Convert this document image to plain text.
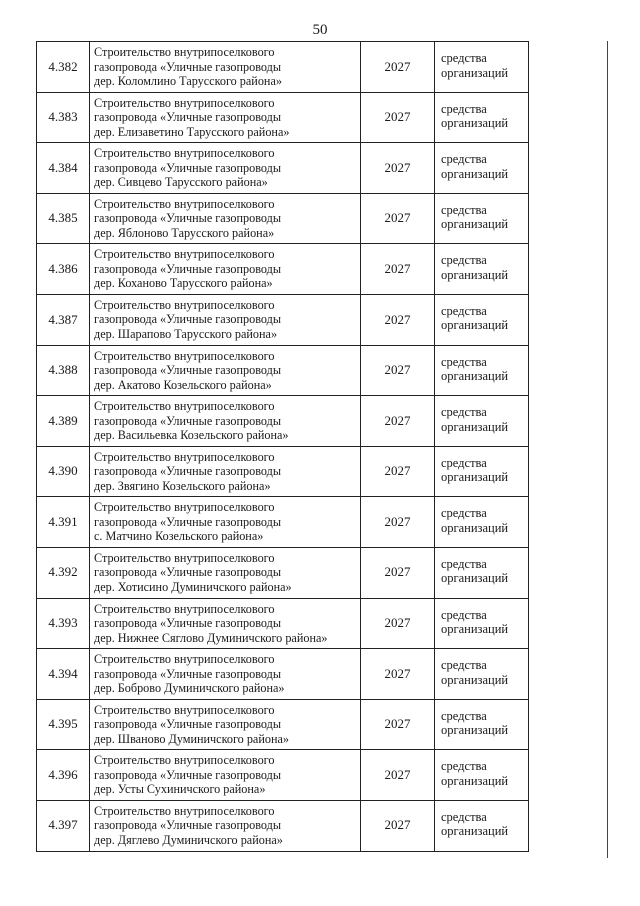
50
4.382
Строительство внутрипоселкового
газопровода «Уличные газопроводы
дер. Коломлино Тарусского района»
2027
средства
организаций
4.383
Строительство внутрипоселкового
газопровода «Уличные газопроводы
дер. Елизаветино Тарусского района»
2027
средства
организаций
4.384
Строительство внутрипоселкового
газопровода «Уличные газопроводы
дер. Сивцево Тарусского района»
2027
средства
организаций
4.385
Строительство внутрипоселкового
газопровода «Уличные газопроводы
дер. Яблоново Тарусского района»
2027
средства
организаций
4.386
Строительство внутрипоселкового
газопровода «Уличные газопроводы
дер. Коханово Тарусского района»
2027
средства
организаций
4.387
Строительство внутрипоселкового
газопровода «Уличные газопроводы
дер. Шарапово Тарусского района»
2027
средства
организаций
4.388
Строительство внутрипоселкового
газопровода «Уличные газопроводы
дер. Акатово Козельского района»
2027
средства
организаций
4.389
Строительство внутрипоселкового
газопровода «Уличные газопроводы
дер. Васильевка Козельского района»
2027
средства
организаций
4.390
Строительство внутрипоселкового
газопровода «Уличные газопроводы
дер. Звягино Козельского района»
2027
средства
организаций
4.391
Строительство внутрипоселкового
газопровода «Уличные газопроводы
с. Матчино Козельского района»
2027
средства
организаций
4.392
Строительство внутрипоселкового
газопровода «Уличные газопроводы
дер. Хотисино Думиничского района»
2027
средства
организаций
4.393
Строительство внутрипоселкового
газопровода «Уличные газопроводы
дер. Нижнее Сяглово Думиничского района»
2027
средства
организаций
4.394
Строительство внутрипоселкового
газопровода «Уличные газопроводы
дер. Боброво Думиничского района»
2027
средства
организаций
4.395
Строительство внутрипоселкового
газопровода «Уличные газопроводы
дер. Шваново Думиничского района»
2027
средства
организаций
4.396
Строительство внутрипоселкового
газопровода «Уличные газопроводы
дер. Усты Сухиничского района»
2027
средства
организаций
4.397
Строительство внутрипоселкового
газопровода «Уличные газопроводы
дер. Дяглево Думиничского района»
2027
средства
организаций
